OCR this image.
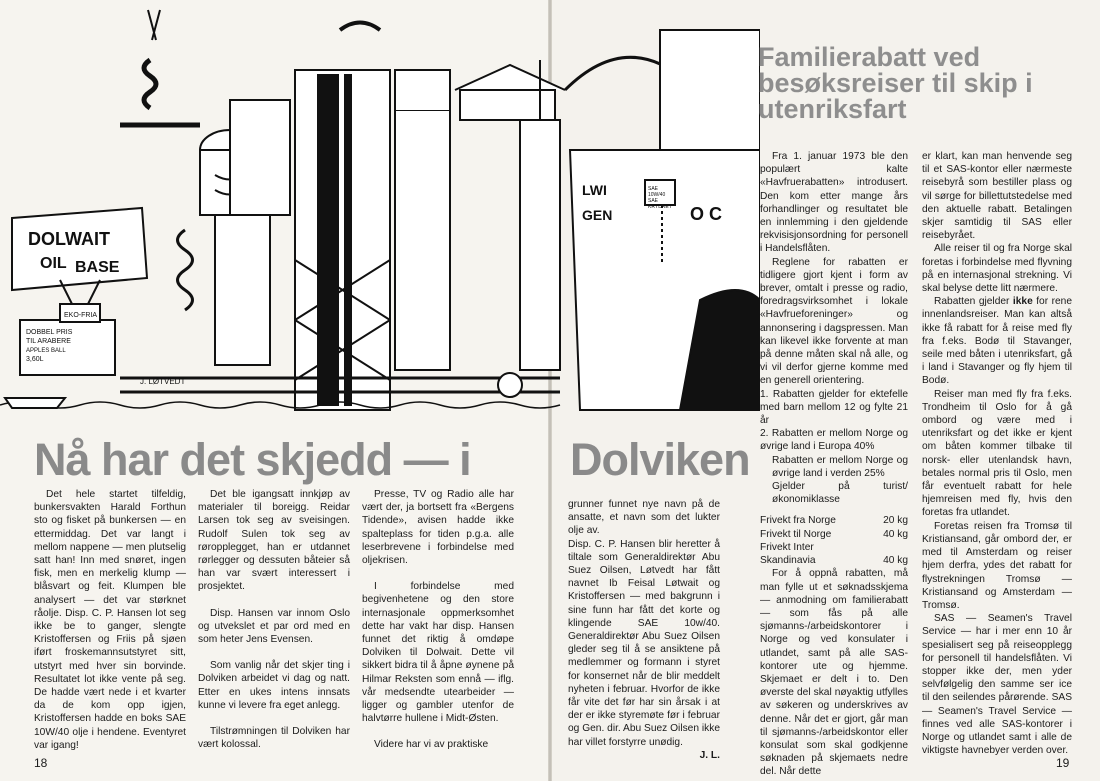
DOLWAIT
OIL BASE
EKO-FRIA
DOBBEL PRIS
TIL ARABERE
APPLES BALL
3,60L
J. LØTVEDT
LWI
GEN	O C
SAE
10W/40
SAE
KRYDRET
Nå har det skjedd — i Dolviken
Familierabatt ved besøksreiser til skip i utenriksfart

Det hele startet tilfeldig, bunkersvakten Harald Forthun sto og fisket på bunkersen — en ettermiddag. Det var langt i mellom nappene — men plutselig satt han! Inn med snøret, ingen fisk, men en merkelig klump — blåsvart og feit. Klumpen ble analysert — det var størknet råolje. Disp. C. P. Hansen lot seg ikke be to ganger, slengte Kristoffersen og Friis på sjøen iført froskemannsutstyret sitt, utstyrt med hver sin borvinde. Resultatet lot ikke vente på seg. De hadde vært nede i et kvarter da de kom opp igjen, Kristoffersen hadde en boks SAE 10W/40 olje i hendene. Eventyret var igang!

Det ble igangsatt innkjøp av materialer til boreigg. Reidar Larsen tok seg av sveisingen. Rudolf Sulen tok seg av røropplegget, han er utdannet rørlegger og dessuten båteier så han var svært interessert i prosjektet.

Disp. Hansen var innom Oslo og utvekslet et par ord med en som heter Jens Evensen.

Som vanlig når det skjer ting i Dolviken arbeidet vi dag og natt. Etter en ukes intens innsats kunne vi levere fra eget anlegg.

Tilstrømningen til Dolviken har vært kolossal.

Presse, TV og Radio alle har vært der, ja bortsett fra «Bergens Tidende», avisen hadde ikke spalteplass for tiden p.g.a. alle leserbrevene i forbindelse med oljekrisen.

I forbindelse med begivenhetene og den store internasjonale oppmerksomhet dette har vakt har disp. Hansen funnet det riktig å omdøpe Dolviken til Dolwait. Dette vil sikkert bidra til å åpne øynene på Hilmar Reksten som ennå — iflg. vår medsendte utearbeider — ligger og gambler utenfor de halvtørre hullene i Midt-Østen.

Videre har vi av praktiske

grunner funnet nye navn på de ansatte, et navn som det lukter olje av.
Disp. C. P. Hansen blir heretter å tiltale som Generaldirektør Abu Suez Oilsen, Løtvedt har fått navnet Ib Feisal Løtwait og Kristoffersen — med bakgrunn i sine funn har fått det korte og klingende SAE 10w/40. Generaldirektør Abu Suez Oilsen gleder seg til å se ansiktene på medlemmer og formann i styret for konsernet når de blir meddelt nyheten i februar. Hvorfor de ikke får vite det før har sin årsak i at der er ikke styremøte før i februar og Gen. dir. Abu Suez Oilsen ikke har villet forstyrre unødig.

J. L.

Fra 1. januar 1973 ble den populært kalte «Havfruerabatten» introdusert. Den kom etter mange års forhandlinger og resultatet ble en innlemming i den gjeldende rekvisisjonsordning for personell i Handelsflåten.

Reglene for rabatten er tidligere gjort kjent i form av brever, omtalt i presse og radio, foredragsvirksomhet i lokale «Havfrueforeninger» og annonsering i dagspressen. Man kan likevel ikke forvente at man på denne måten skal nå alle, og vi vil derfor gjerne komme med en generell orientering.

1. Rabatten gjelder for ektefelle med barn mellom 12 og fylte 21 år
2. Rabatten er mellom Norge og øvrige land i Europa 40%
Rabatten er mellom Norge og øvrige land i verden 25%
Gjelder på turist/økonomiklasse
Frivekt fra Norge	20 kg
Frivekt til Norge	40 kg
Frivekt Inter
Skandinavia	40 kg

For å oppnå rabatten, må man fylle ut et søknadsskjema — anmodning om familierabatt — som fås på alle sjømanns-/arbeidskontorer i Norge og ved konsulater i utlandet, samt på alle SAS-kontorer ute og hjemme. Skjemaet er delt i to. Den øverste del skal nøyaktig utfylles av søkeren og underskrives av denne. Når det er gjort, går man til sjømanns-/arbeidskontor eller konsulat som skal godkjenne søknaden på skjemaets nedre del. Når dette

er klart, kan man henvende seg til et SAS-kontor eller nærmeste reisebyrå som bestiller plass og vil sørge for billettutstedelse med den aktuelle rabatt. Betalingen skjer samtidig til SAS eller reisebyrået.

Alle reiser til og fra Norge skal foretas i forbindelse med flyvning på en internasjonal strekning. Vi skal belyse dette litt nærmere.

Rabatten gjelder ikke for rene innenlandsreiser. Man kan altså ikke få rabatt for å reise med fly fra f.eks. Bodø til Stavanger, seile med båten i utenriksfart, gå i land i Stavanger og fly hjem til Bodø.

Reiser man med fly fra f.eks. Trondheim til Oslo for å gå ombord og være med i utenriksfart og det ikke er kjent om båten kommer tilbake til norsk- eller utenlandsk havn, betales normal pris til Oslo, men får eventuelt rabatt for hele hjemreisen med fly, hvis den foretas fra utlandet.

Foretas reisen fra Tromsø til Kristiansand, går ombord der, er med til Amsterdam og reiser hjem derfra, ydes det rabatt for flystrekningen Tromsø — Kristiansand og Amsterdam — Tromsø.

SAS — Seamen's Travel Service — har i mer enn 10 år spesialisert seg på reiseopplegg for personell til handelsflåten. Vi stopper ikke der, men yder selvfølgelig den samme ser ice til den seilendes pårørende. SAS — Seamen's Travel Service — finnes ved alle SAS-kontorer i Norge og utlandet samt i alle de viktigste havnebyer verden over.

18	19
